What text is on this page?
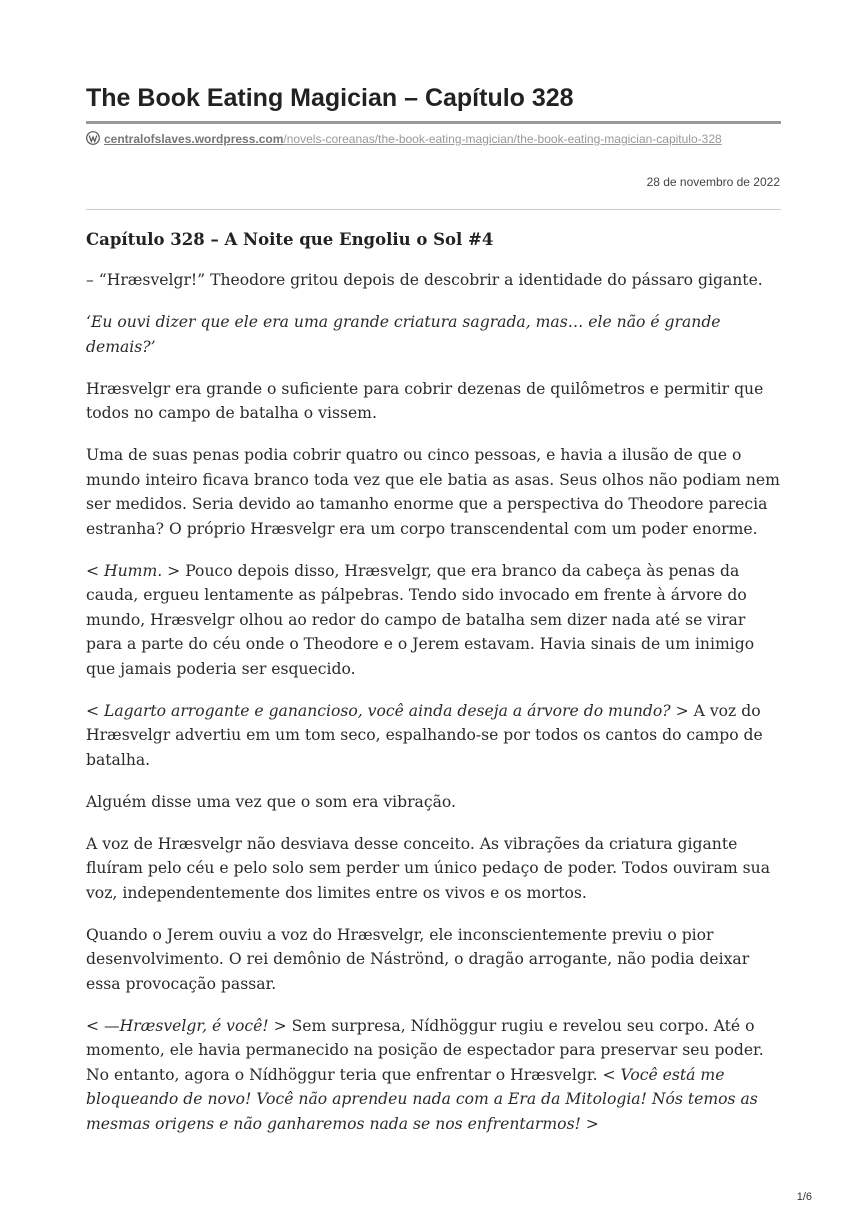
The Book Eating Magician – Capítulo 328
centralofslaves.wordpress.com/novels-coreanas/the-book-eating-magician/the-book-eating-magician-capitulo-328
28 de novembro de 2022
Capítulo 328 – A Noite que Engoliu o Sol #4

– “Hræsvelgr!” Theodore gritou depois de descobrir a identidade do pássaro gigante.

‘Eu ouvi dizer que ele era uma grande criatura sagrada, mas… ele não é grande demais?’

Hræsvelgr era grande o suficiente para cobrir dezenas de quilômetros e permitir que todos no campo de batalha o vissem.

Uma de suas penas podia cobrir quatro ou cinco pessoas, e havia a ilusão de que o mundo inteiro ficava branco toda vez que ele batia as asas. Seus olhos não podiam nem ser medidos. Seria devido ao tamanho enorme que a perspectiva do Theodore parecia estranha? O próprio Hræsvelgr era um corpo transcendental com um poder enorme.

< Humm. > Pouco depois disso, Hræsvelgr, que era branco da cabeça às penas da cauda, ergueu lentamente as pálpebras. Tendo sido invocado em frente à árvore do mundo, Hræsvelgr olhou ao redor do campo de batalha sem dizer nada até se virar para a parte do céu onde o Theodore e o Jerem estavam. Havia sinais de um inimigo que jamais poderia ser esquecido.

< Lagarto arrogante e ganancioso, você ainda deseja a árvore do mundo? > A voz do Hræsvelgr advertiu em um tom seco, espalhando-se por todos os cantos do campo de batalha.

Alguém disse uma vez que o som era vibração.

A voz de Hræsvelgr não desviava desse conceito. As vibrações da criatura gigante fluíram pelo céu e pelo solo sem perder um único pedaço de poder. Todos ouviram sua voz, independentemente dos limites entre os vivos e os mortos.

Quando o Jerem ouviu a voz do Hræsvelgr, ele inconscientemente previu o pior desenvolvimento. O rei demônio de Náströnd, o dragão arrogante, não podia deixar essa provocação passar.

< —Hræsvelgr, é você! > Sem surpresa, Nídhöggur rugiu e revelou seu corpo. Até o momento, ele havia permanecido na posição de espectador para preservar seu poder. No entanto, agora o Nídhöggur teria que enfrentar o Hræsvelgr. < Você está me bloqueando de novo! Você não aprendeu nada com a Era da Mitologia! Nós temos as mesmas origens e não ganharemos nada se nos enfrentarmos! >

1/6
